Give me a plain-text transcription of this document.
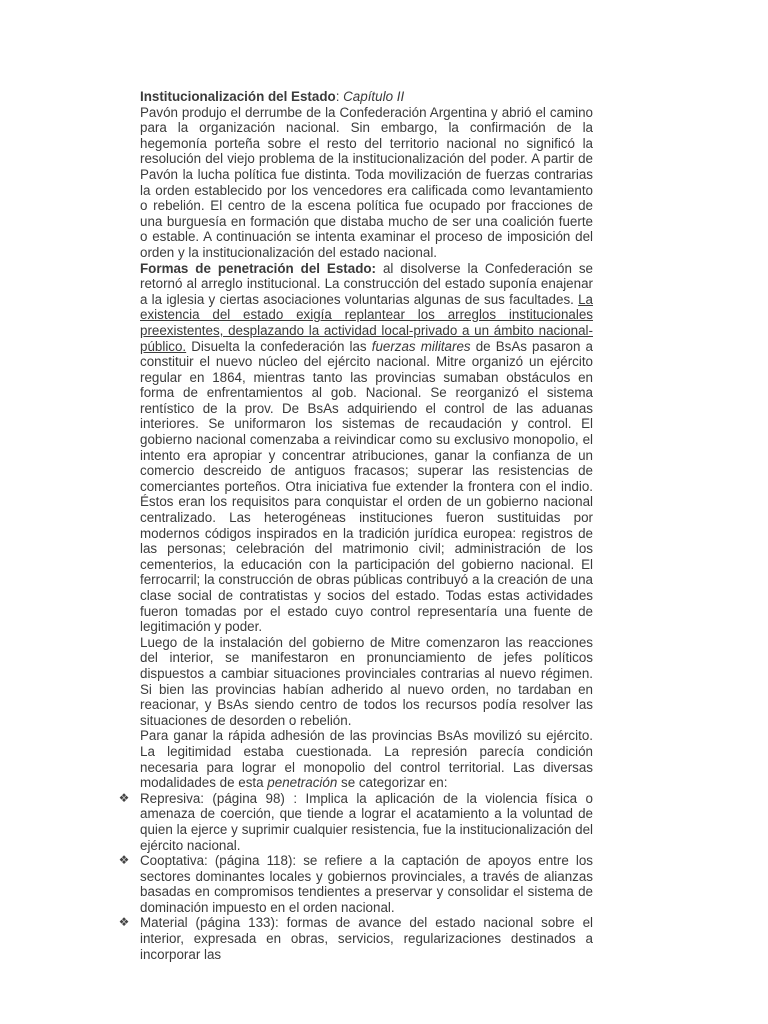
Institucionalización del Estado: Capítulo II

Pavón produjo el derrumbe de la Confederación Argentina y abrió el camino para la organización nacional. Sin embargo, la confirmación de la hegemonía porteña sobre el resto del territorio nacional no significó la resolución del viejo problema de la institucionalización del poder. A partir de Pavón la lucha política fue distinta. Toda movilización de fuerzas contrarias la orden establecido por los vencedores era calificada como levantamiento o rebelión. El centro de la escena política fue ocupado por fracciones de una burguesía en formación que distaba mucho de ser una coalición fuerte o estable. A continuación se intenta examinar el proceso de imposición del orden y la institucionalización del estado nacional.

Formas de penetración del Estado: al disolverse la Confederación se retornó al arreglo institucional. La construcción del estado suponía enajenar a la iglesia y ciertas asociaciones voluntarias algunas de sus facultades. La existencia del estado exigía replantear los arreglos institucionales preexistentes, desplazando la actividad local-privado a un ámbito nacional-público. Disuelta la confederación las fuerzas militares de BsAs pasaron a constituir el nuevo núcleo del ejército nacional. Mitre organizó un ejército regular en 1864, mientras tanto las provincias sumaban obstáculos en forma de enfrentamientos al gob. Nacional. Se reorganizó el sistema rentístico de la prov. De BsAs adquiriendo el control de las aduanas interiores. Se uniformaron los sistemas de recaudación y control. El gobierno nacional comenzaba a reivindicar como su exclusivo monopolio, el intento era apropiar y concentrar atribuciones, ganar la confianza de un comercio descreido de antiguos fracasos; superar las resistencias de comerciantes porteños. Otra iniciativa fue extender la frontera con el indio. Éstos eran los requisitos para conquistar el orden de un gobierno nacional centralizado. Las heterogéneas instituciones fueron sustituidas por modernos códigos inspirados en la tradición jurídica europea: registros de las personas; celebración del matrimonio civil; administración de los cementerios, la educación con la participación del gobierno nacional. El ferrocarril; la construcción de obras públicas contribuyó a la creación de una clase social de contratistas y socios del estado. Todas estas actividades fueron tomadas por el estado cuyo control representaría una fuente de legitimación y poder.

Luego de la instalación del gobierno de Mitre comenzaron las reacciones del interior, se manifestaron en pronunciamiento de jefes políticos dispuestos a cambiar situaciones provinciales contrarias al nuevo régimen. Si bien las provincias habían adherido al nuevo orden, no tardaban en reacionar, y BsAs siendo centro de todos los recursos podía resolver las situaciones de desorden o rebelión.

Para ganar la rápida adhesión de las provincias BsAs movilizó su ejército. La legitimidad estaba cuestionada. La represión parecía condición necesaria para lograr el monopolio del control territorial. Las diversas modalidades de esta penetración se categorizar en:

❖ Represiva: (página 98) : Implica la aplicación de la violencia física o amenaza de coerción, que tiende a lograr el acatamiento a la voluntad de quien la ejerce y suprimir cualquier resistencia, fue la institucionalización del ejército nacional.

❖ Cooptativa: (página 118): se refiere a la captación de apoyos entre los sectores dominantes locales y gobiernos provinciales, a través de alianzas basadas en compromisos tendientes a preservar y consolidar el sistema de dominación impuesto en el orden nacional.

❖ Material (página 133): formas de avance del estado nacional sobre el interior, expresada en obras, servicios, regularizaciones destinados a incorporar las
